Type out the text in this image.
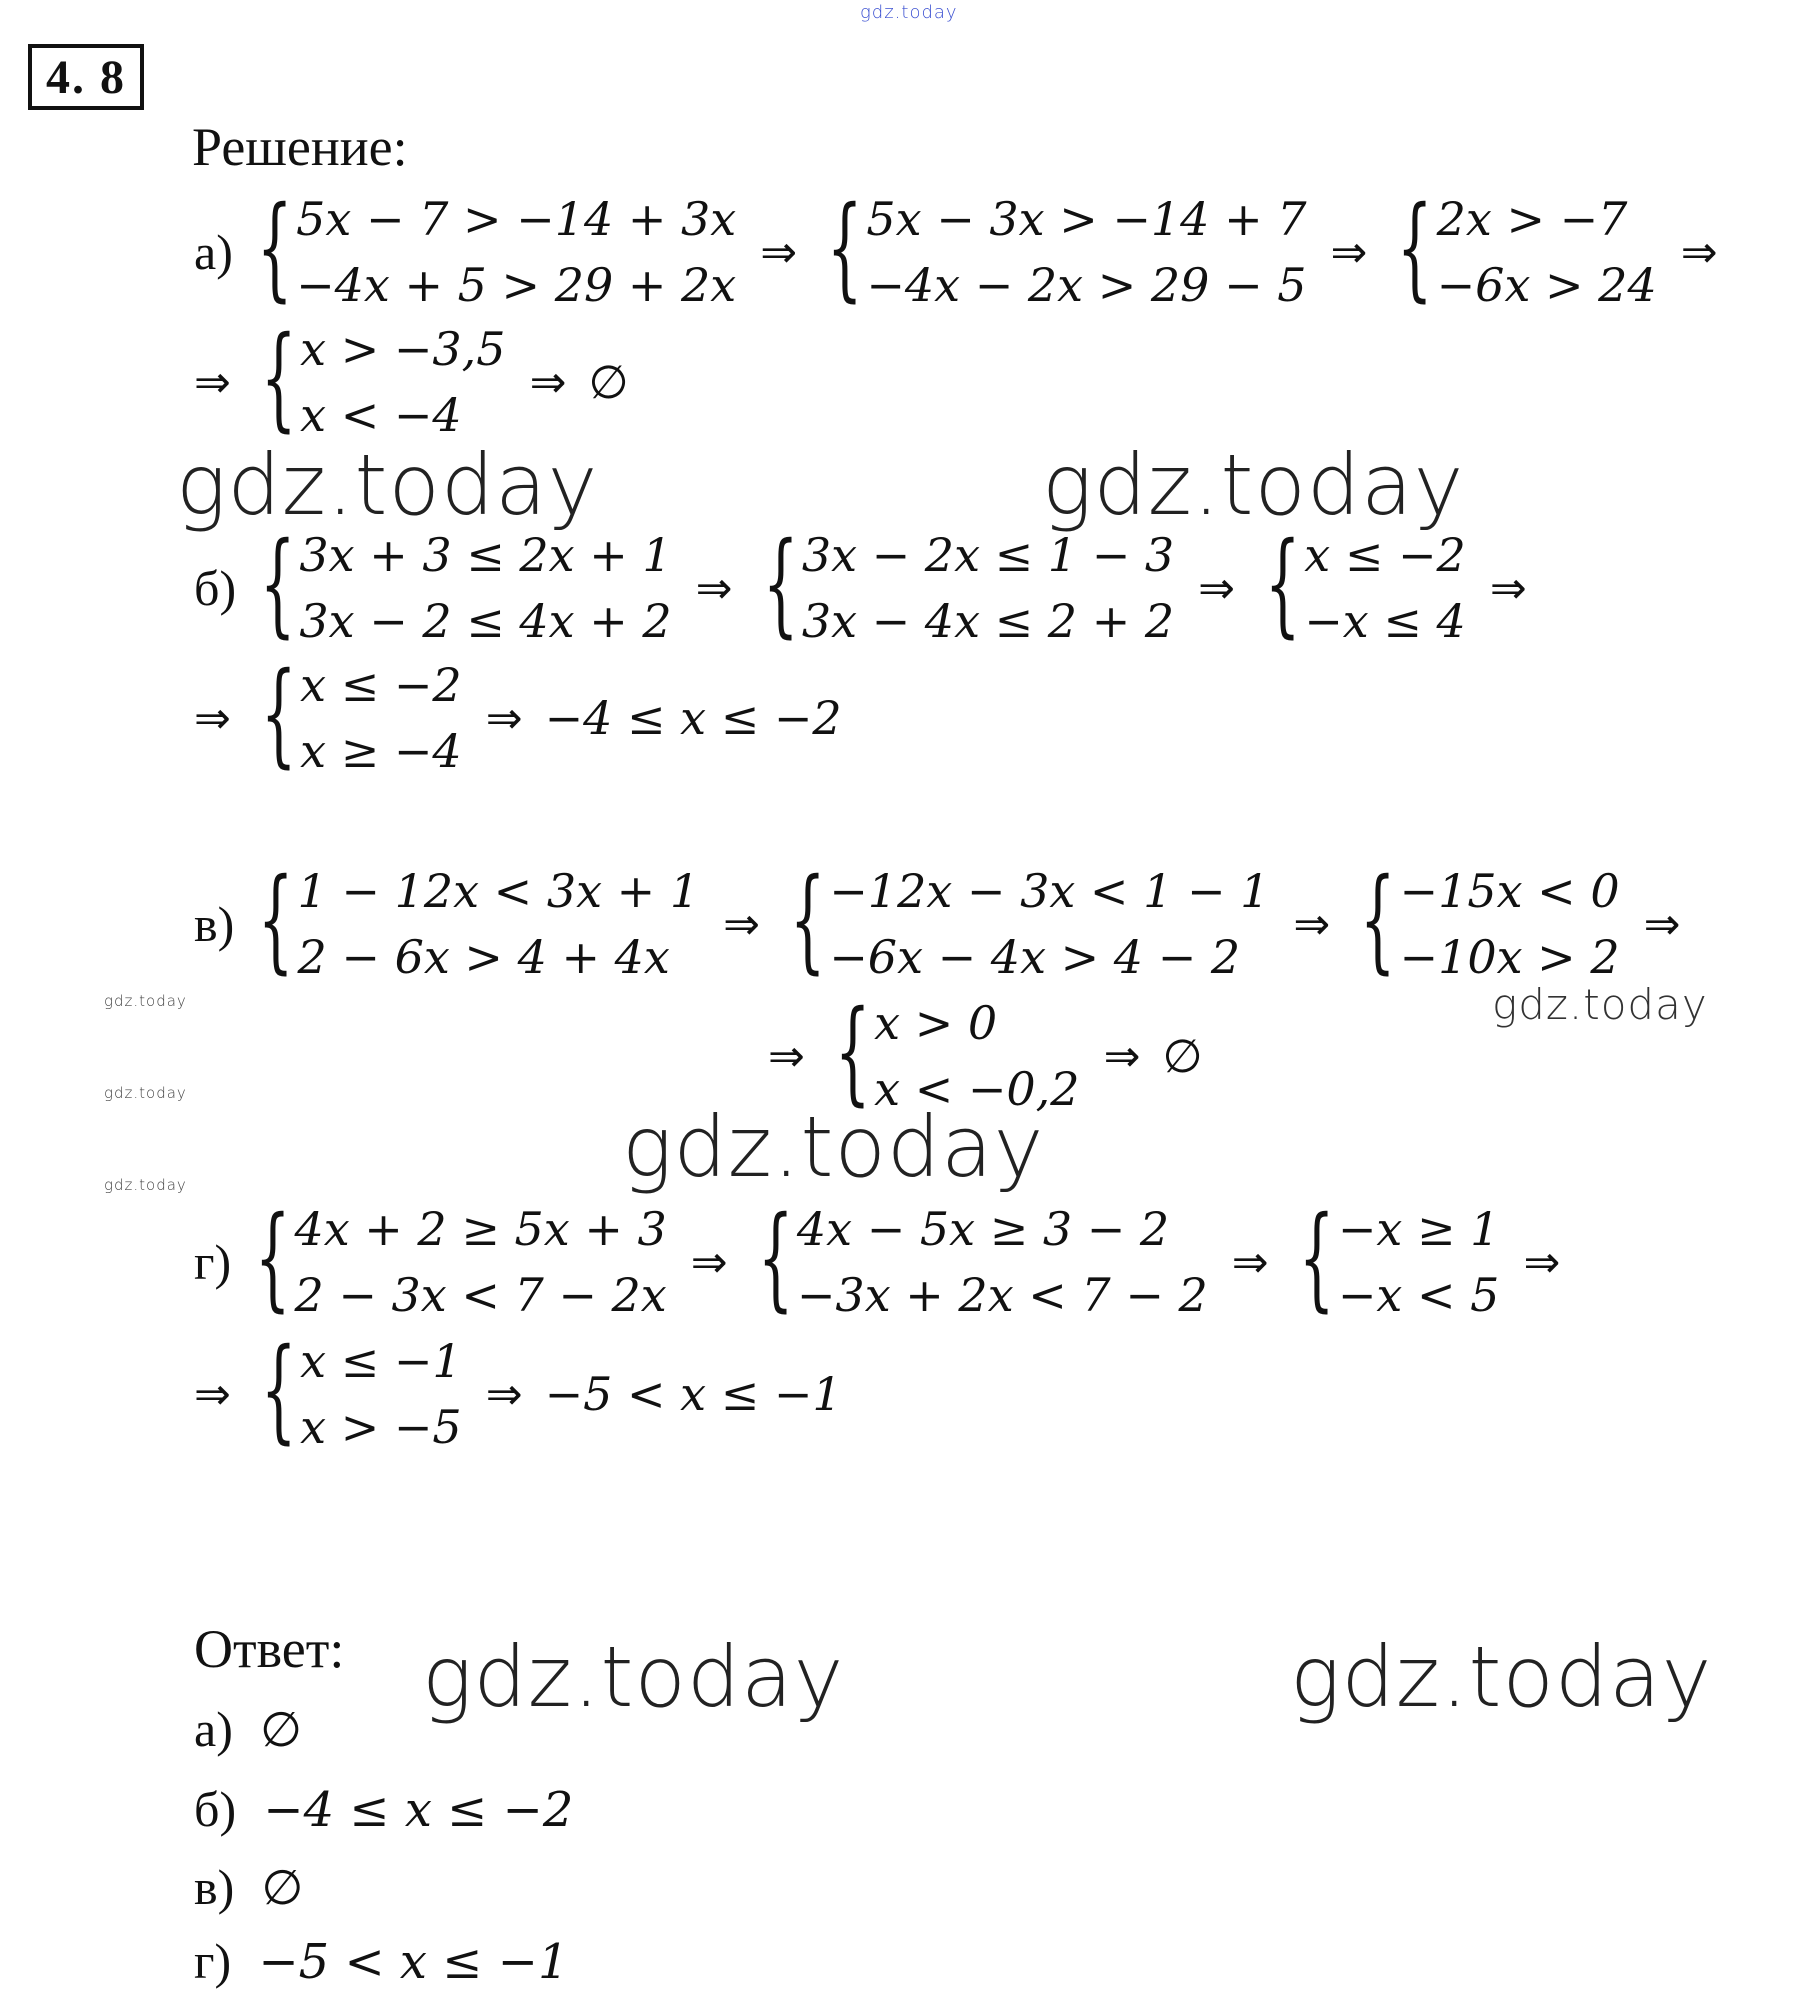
gdz.today
4. 8
Решение:
а) { 5x − 7 > −14 + 3x
−4x + 5 > 29 + 2x
⇒ { 5x − 3x > −14 + 7
−4x − 2x > 29 − 5
⇒ { 2x > −7
−6x > 24
⇒
⇒ { x > −3,5
x < −4
⇒ ∅
gdz.today	gdz.today
б) { 3x + 3 ≤ 2x + 1
3x − 2 ≤ 4x + 2
⇒ { 3x − 2x ≤ 1 − 3
3x − 4x ≤ 2 + 2
⇒ { x ≤ −2
−x ≤ 4
⇒
⇒ { x ≤ −2
x ≥ −4
⇒ −4 ≤ x ≤ −2
в) { 1 − 12x < 3x + 1
2 − 6x > 4 + 4x
⇒ { −12x − 3x < 1 − 1
−6x − 4x > 4 − 2
⇒ { −15x < 0
−10x > 2
⇒
gdz.today	gdz.today
⇒ { x > 0
x < −0,2
⇒ ∅
gdz.today
gdz.today
gdz.today
г) { 4x + 2 ≥ 5x + 3
2 − 3x < 7 − 2x
⇒ { 4x − 5x ≥ 3 − 2
−3x + 2x < 7 − 2
⇒ { −x ≥ 1
−x < 5
⇒
⇒ { x ≤ −1
x > −5
⇒ −5 < x ≤ −1
Ответ: gdz.today	gdz.today
а) ∅
б) −4 ≤ x ≤ −2
в) ∅
г) −5 < x ≤ −1
